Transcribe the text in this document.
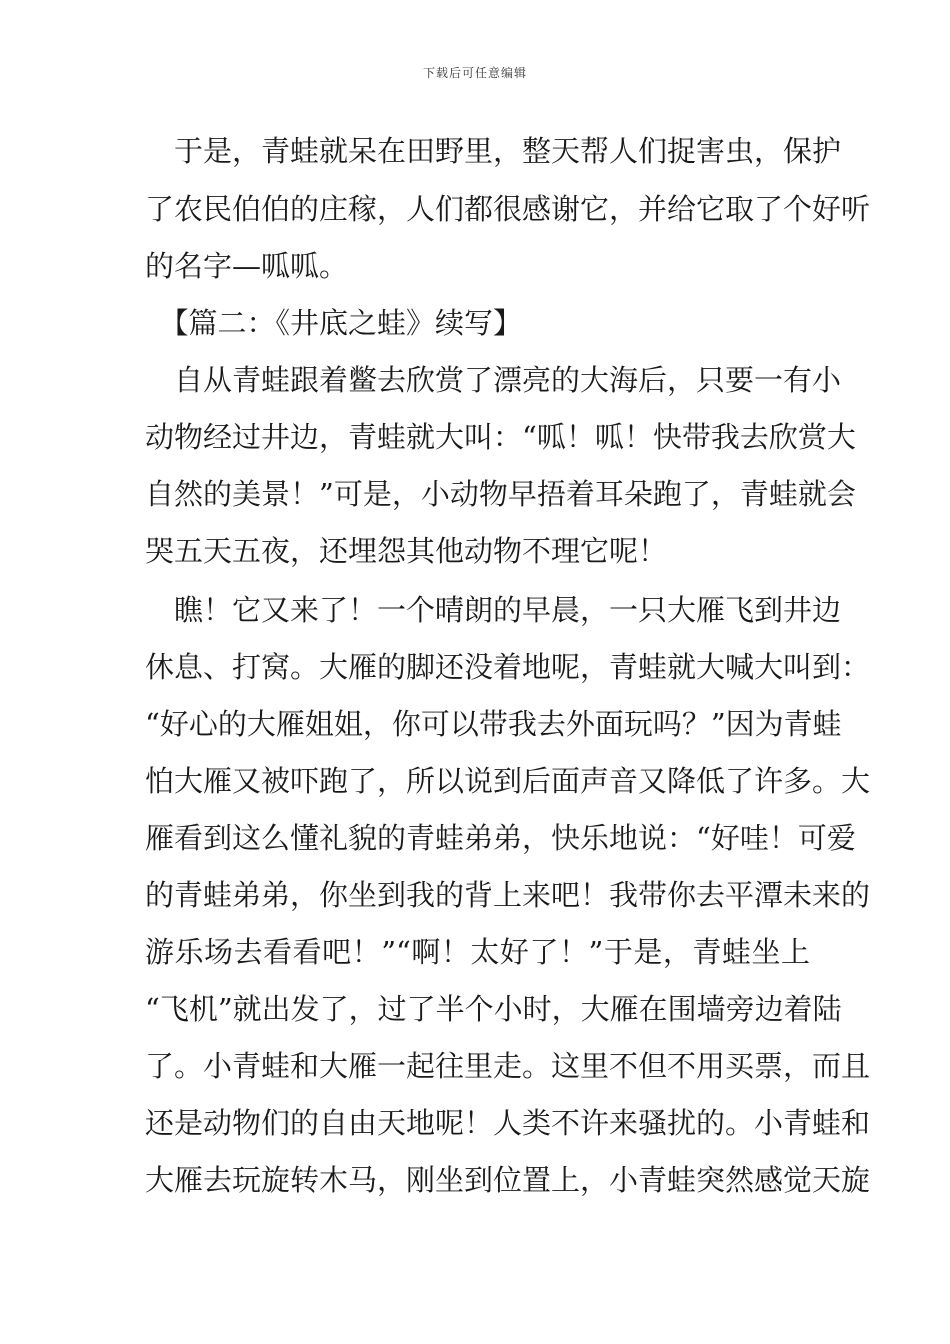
下载后可任意编辑
　于是，青蛙就呆在田野里，整天帮人们捉害虫，保护
了农民伯伯的庄稼，人们都很感谢它，并给它取了个好听
的名字—呱呱。
　【篇二：《井底之蛙》续写】
　自从青蛙跟着鳖去欣赏了漂亮的大海后，只要一有小
动物经过井边，青蛙就大叫：“呱！呱！快带我去欣赏大
自然的美景！”可是，小动物早捂着耳朵跑了，青蛙就会
哭五天五夜，还埋怨其他动物不理它呢！
　瞧！它又来了！一个晴朗的早晨，一只大雁飞到井边
休息、打窝。大雁的脚还没着地呢，青蛙就大喊大叫到：
“好心的大雁姐姐，你可以带我去外面玩吗？”因为青蛙
怕大雁又被吓跑了，所以说到后面声音又降低了许多。大
雁看到这么懂礼貌的青蛙弟弟，快乐地说：“好哇！可爱
的青蛙弟弟，你坐到我的背上来吧！我带你去平潭未来的
游乐场去看看吧！”“啊！太好了！”于是，青蛙坐上
“飞机”就出发了，过了半个小时，大雁在围墙旁边着陆
了。小青蛙和大雁一起往里走。这里不但不用买票，而且
还是动物们的自由天地呢！人类不许来骚扰的。小青蛙和
大雁去玩旋转木马，刚坐到位置上，小青蛙突然感觉天旋
